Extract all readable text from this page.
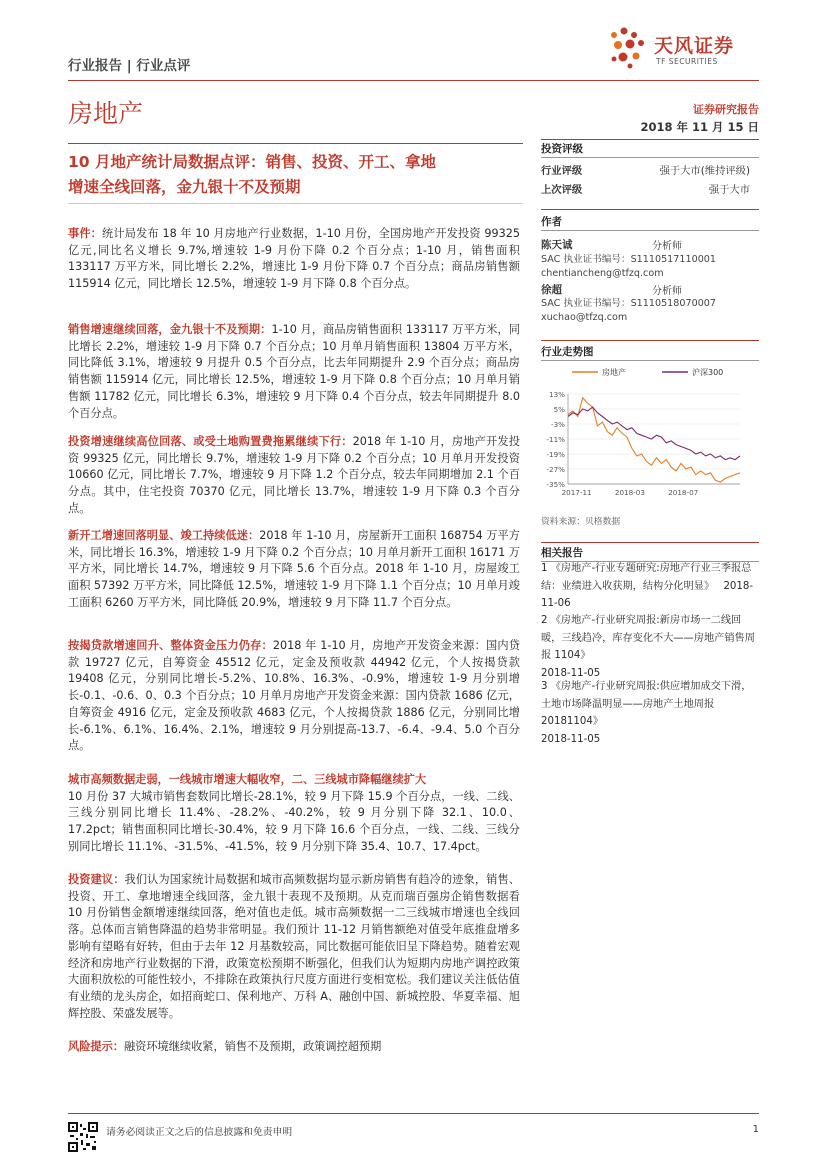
行业报告 | 行业点评
天风证券
TF SECURITIES
房地产	证券研究报告
2018 年 11 月 15 日
10 月地产统计局数据点评：销售、投资、开工、拿地
增速全线回落，金九银十不及预期
投资评级
行业评级	强于大市(维持评级)
上次评级	强于大市
作者
陈天诚	分析师
SAC 执业证书编号：S1110517110001
chentiancheng@tfzq.com
徐超	分析师
SAC 执业证书编号：S1110518070007
xuchao@tfzq.com
行业走势图
13%
5%
-3%
-11%
-19%
-27%
-35%
2017-11	2018-03	2018-07
房地产	沪深300
资料来源：贝格数据
相关报告
1 《房地产-行业专题研究:房地产行业三季报总结：业绩进入收获期，结构分化明显》 2018-11-06
2 《房地产-行业研究周报:新房市场一二线回暖，三线趋冷，库存变化不大——房地产销售周报 1104》
2018-11-05
3 《房地产-行业研究周报:供应增加成交下滑，土地市场降温明显——房地产土地周报 20181104》
2018-11-05
事件：统计局发布 18 年 10 月房地产行业数据，1-10 月份，全国房地产开发投资 99325 亿元,同比名义增长 9.7%,增速较 1-9 月份下降 0.2 个百分点；1-10 月，销售面积 133117 万平方米，同比增长 2.2%，增速比 1-9 月份下降 0.7 个百分点；商品房销售额 115914 亿元，同比增长 12.5%，增速较 1-9 月下降 0.8 个百分点。
销售增速继续回落，金九银十不及预期：1-10 月，商品房销售面积 133117 万平方米，同比增长 2.2%，增速较 1-9 月下降 0.7 个百分点；10 月单月销售面积 13804 万平方米，同比降低 3.1%，增速较 9 月提升 0.5 个百分点，比去年同期提升 2.9 个百分点；商品房销售额 115914 亿元，同比增长 12.5%，增速较 1-9 月下降 0.8 个百分点；10 月单月销售额 11782 亿元，同比增长 6.3%，增速较 9 月下降 0.4 个百分点，较去年同期提升 8.0 个百分点。
投资增速继续高位回落、或受土地购置费拖累继续下行：2018 年 1-10 月，房地产开发投资 99325 亿元，同比增长 9.7%，增速较 1-9 月下降 0.2 个百分点；10 月单月开发投资 10660 亿元，同比增长 7.7%，增速较 9 月下降 1.2 个百分点，较去年同期增加 2.1 个百分点。其中，住宅投资 70370 亿元，同比增长 13.7%，增速较 1-9 月下降 0.3 个百分点。
新开工增速回落明显、竣工持续低迷：2018 年 1-10 月，房屋新开工面积 168754 万平方米，同比增长 16.3%，增速较 1-9 月下降 0.2 个百分点；10 月单月新开工面积 16171 万平方米，同比增长 14.7%，增速较 9 月下降 5.6 个百分点。2018 年 1-10 月，房屋竣工面积 57392 万平方米，同比降低 12.5%，增速较 1-9 月下降 1.1 个百分点；10 月单月竣工面积 6260 万平方米，同比降低 20.9%，增速较 9 月下降 11.7 个百分点。
按揭贷款增速回升、整体资金压力仍存：2018 年 1-10 月，房地产开发资金来源：国内贷款 19727 亿元，自筹资金 45512 亿元，定金及预收款 44942 亿元，个人按揭贷款 19408 亿元，分别同比增长-5.2%、10.8%、16.3%、-0.9%，增速较 1-9 月分别增长-0.1、-0.6、0、0.3 个百分点；10 月单月房地产开发资金来源：国内贷款 1686 亿元，自筹资金 4916 亿元，定金及预收款 4683 亿元，个人按揭贷款 1886 亿元，分别同比增长-6.1%、6.1%、16.4%、2.1%，增速较 9 月分别提高-13.7、-6.4、-9.4、5.0 个百分点。
城市高频数据走弱，一线城市增速大幅收窄，二、三线城市降幅继续扩大
10 月份 37 大城市销售套数同比增长-28.1%，较 9 月下降 15.9 个百分点，一线、二线、三线分别同比增长 11.4%、-28.2%、-40.2%，较 9 月分别下降 32.1、10.0、17.2pct；销售面积同比增长-30.4%，较 9 月下降 16.6 个百分点，一线、二线、三线分别同比增长 11.1%、-31.5%、-41.5%，较 9 月分别下降 35.4、10.7、17.4pct。
投资建议：我们认为国家统计局数据和城市高频数据均显示新房销售有趋冷的迹象，销售、投资、开工、拿地增速全线回落，金九银十表现不及预期。从克而瑞百强房企销售数据看 10 月份销售金额增速继续回落，绝对值也走低。城市高频数据一二三线城市增速也全线回落。总体而言销售降温的趋势非常明显。我们预计 11-12 月销售额绝对值受年底推盘增多影响有望略有好转，但由于去年 12 月基数较高，同比数据可能依旧呈下降趋势。随着宏观经济和房地产行业数据的下滑，政策宽松预期不断强化，但我们认为短期内房地产调控政策大面积放松的可能性较小，不排除在政策执行尺度方面进行变相宽松。我们建议关注低估值有业绩的龙头房企，如招商蛇口、保利地产、万科 A、融创中国、新城控股、华夏幸福、旭辉控股、荣盛发展等。
风险提示：融资环境继续收紧，销售不及预期，政策调控超预期
请务必阅读正文之后的信息披露和免责申明	1
